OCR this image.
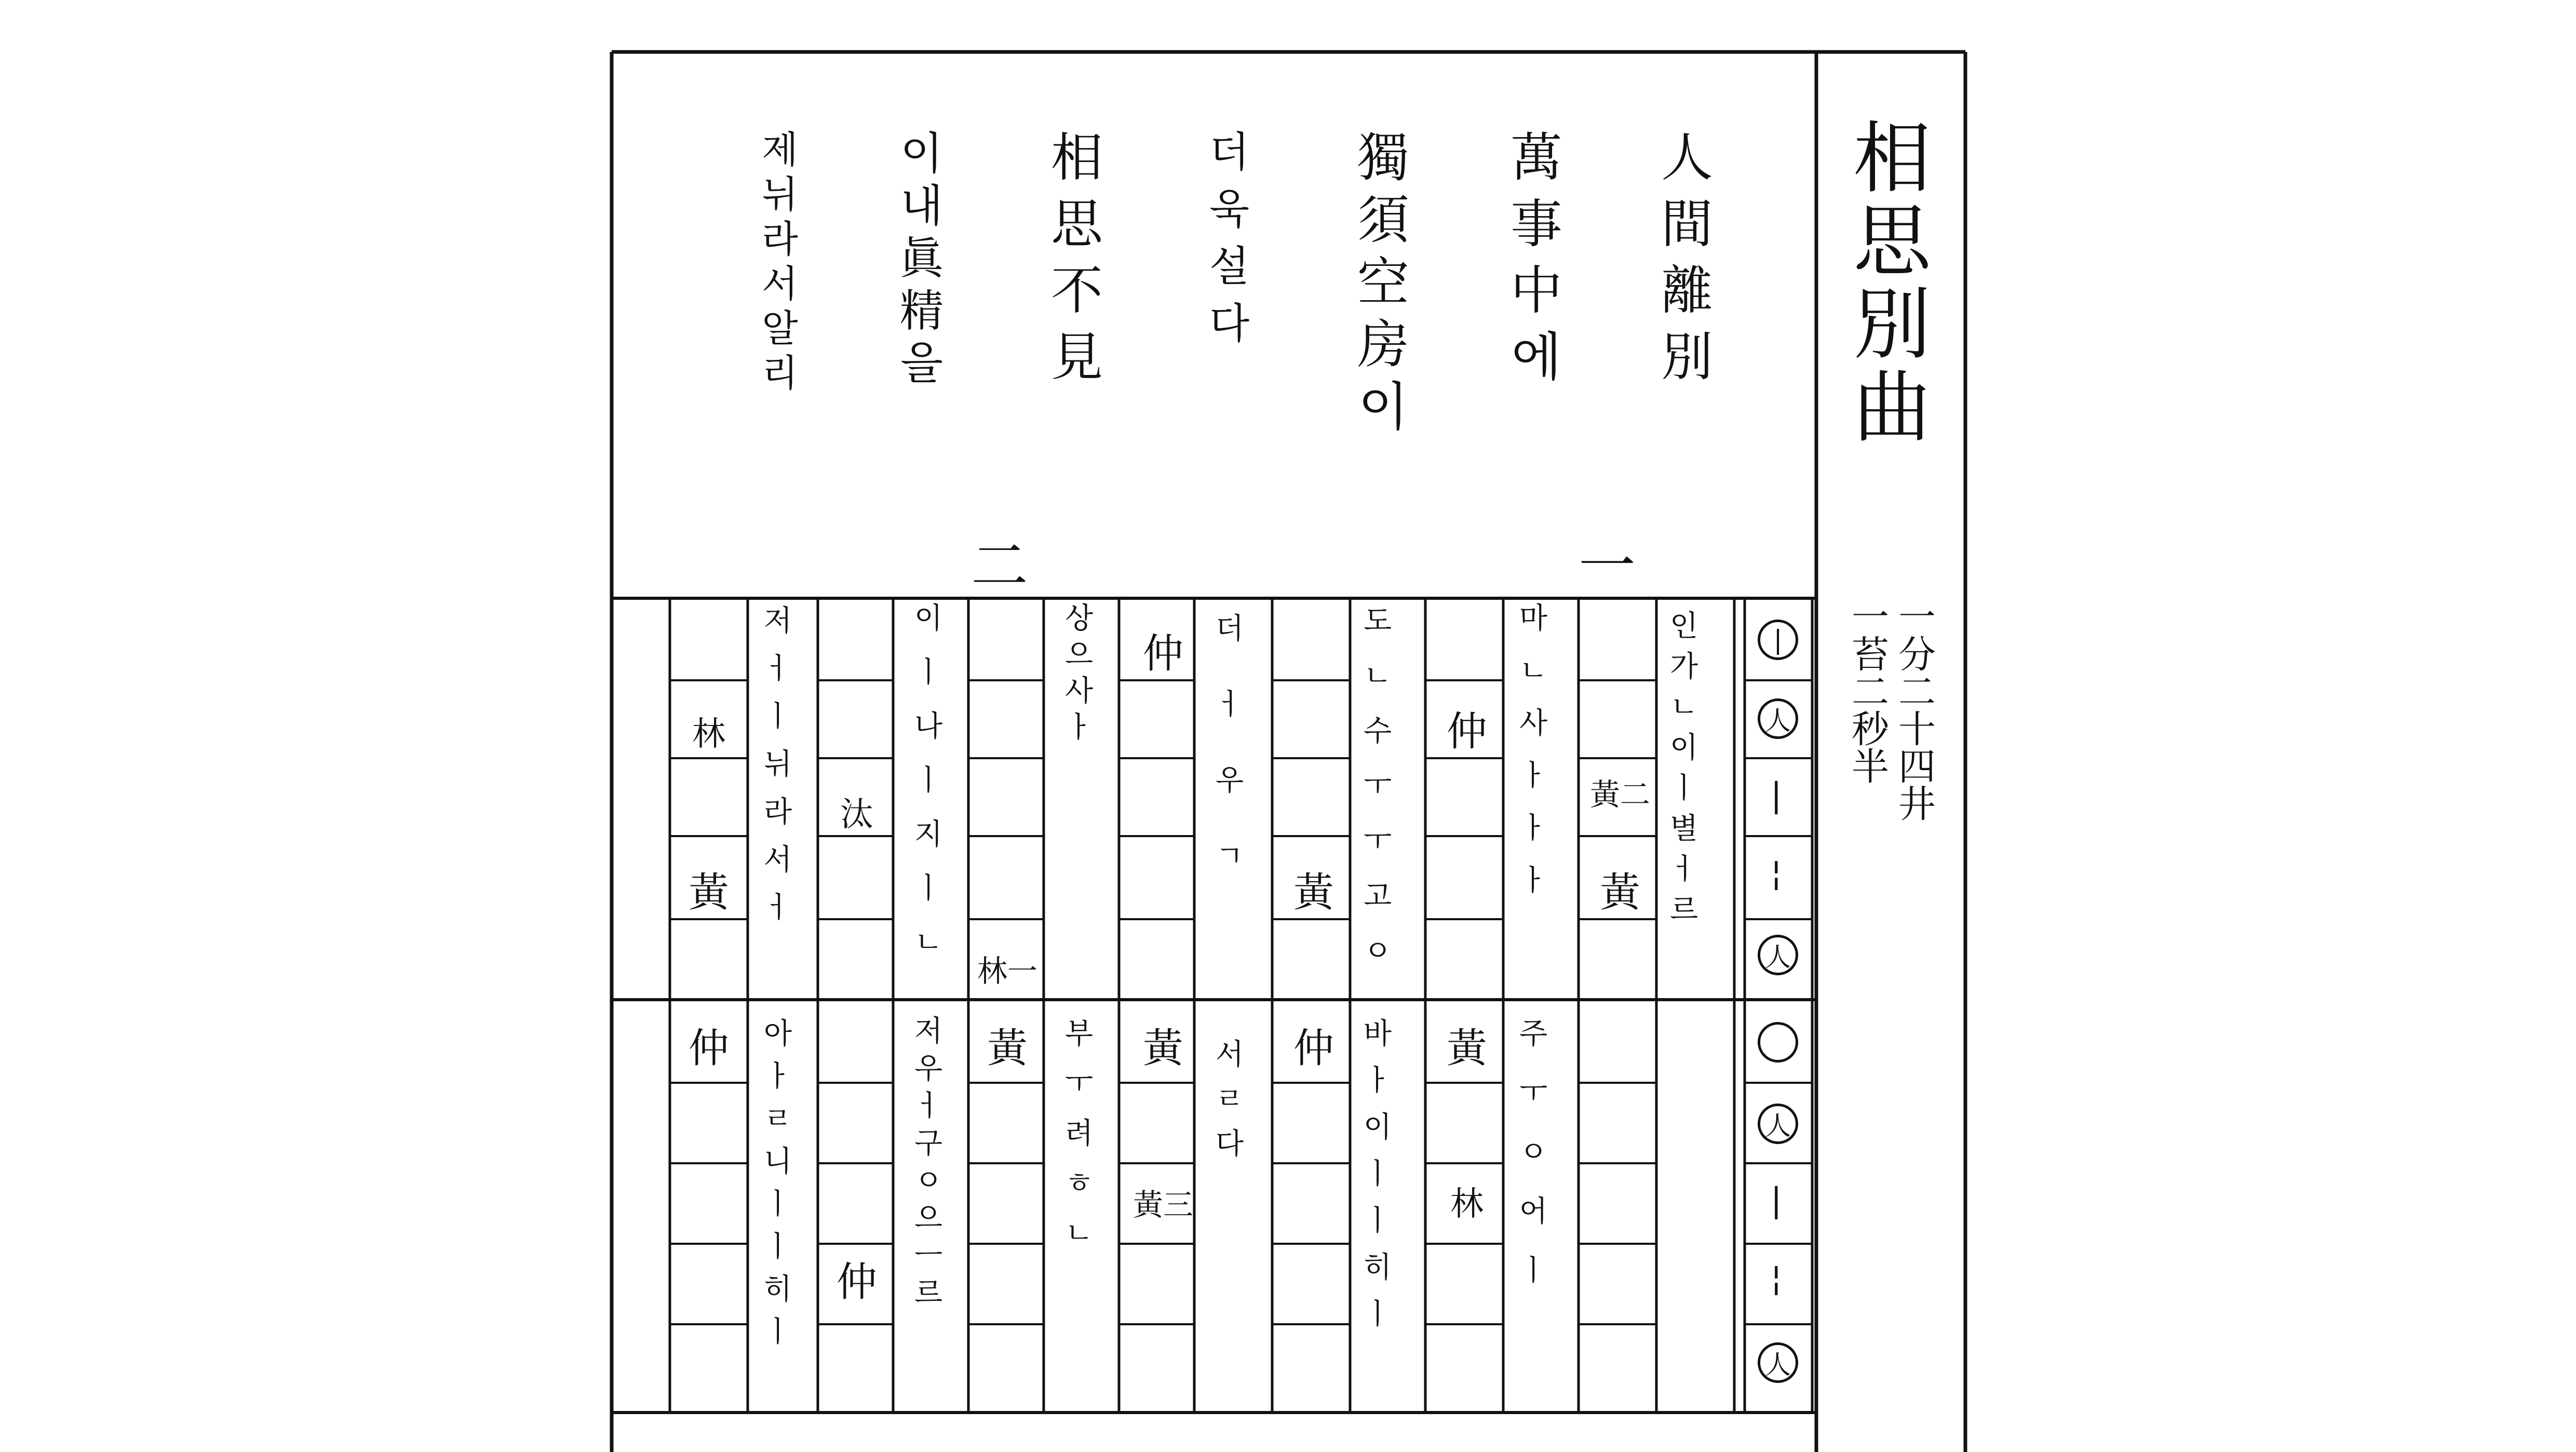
相思別曲
一分二十四井
一苔二秒半
人間離別
萬事中에
獨須空房이
더욱설다
相思不見
이내眞精을
제뉘라서알리
一
二
|
人
|
¦
人
人
|
¦
人
인가ㄴ이ㅣ별ㅓ르
마ㄴ사ㅏㅏㅏ
도ㄴ수ㅜㅜ고ㅇ
더ㅓ우ㄱ
상으사ㅏ
이ㅣ나ㅣ지ㅣㄴ
저ㅓㅣ뉘라서ㅓ
주ㅜㅇ어ㅣ
바ㅏ이ㅣㅣ히ㅣ
서ㄹ다
부ㅜ려ㅎㄴ
저우ㅓ구ㅇ으ㅡ르
아ㅏㄹ니ㅣㅣ히ㅣ
黃
黃二
仲
黃
仲
林一
汰
黃
林
黃
仲
黃
黃三
黃
仲
仲
林
